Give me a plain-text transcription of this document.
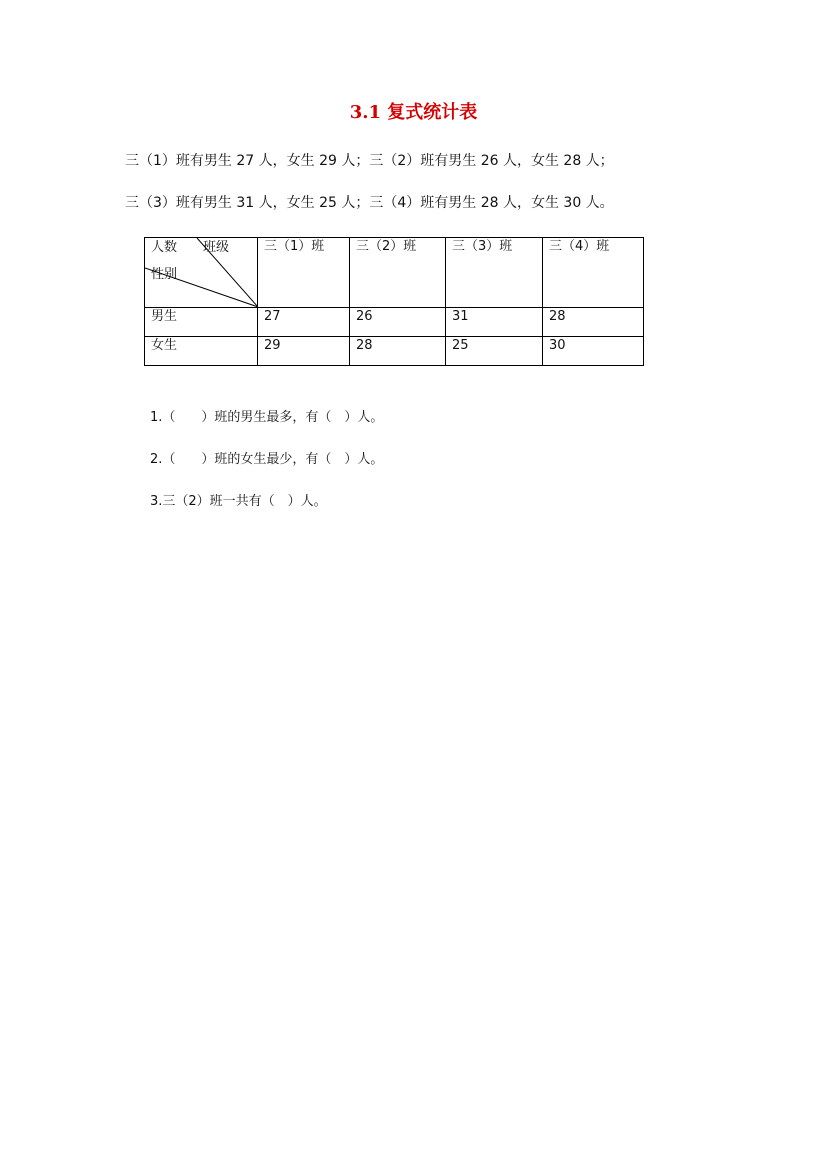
3.1 复式统计表
三（1）班有男生 27 人，女生 29 人；三（2）班有男生 26 人，女生 28 人；
三（3）班有男生 31 人，女生 25 人；三（4）班有男生 28 人，女生 30 人。
人数 班级
性别	三（1）班	三（2）班	三（3）班	三（4）班
男生	27	26	31	28
女生	29	28	25	30
1.（　　）班的男生最多，有（　）人。
2.（　　）班的女生最少，有（　）人。
3.三（2）班一共有（　）人。
